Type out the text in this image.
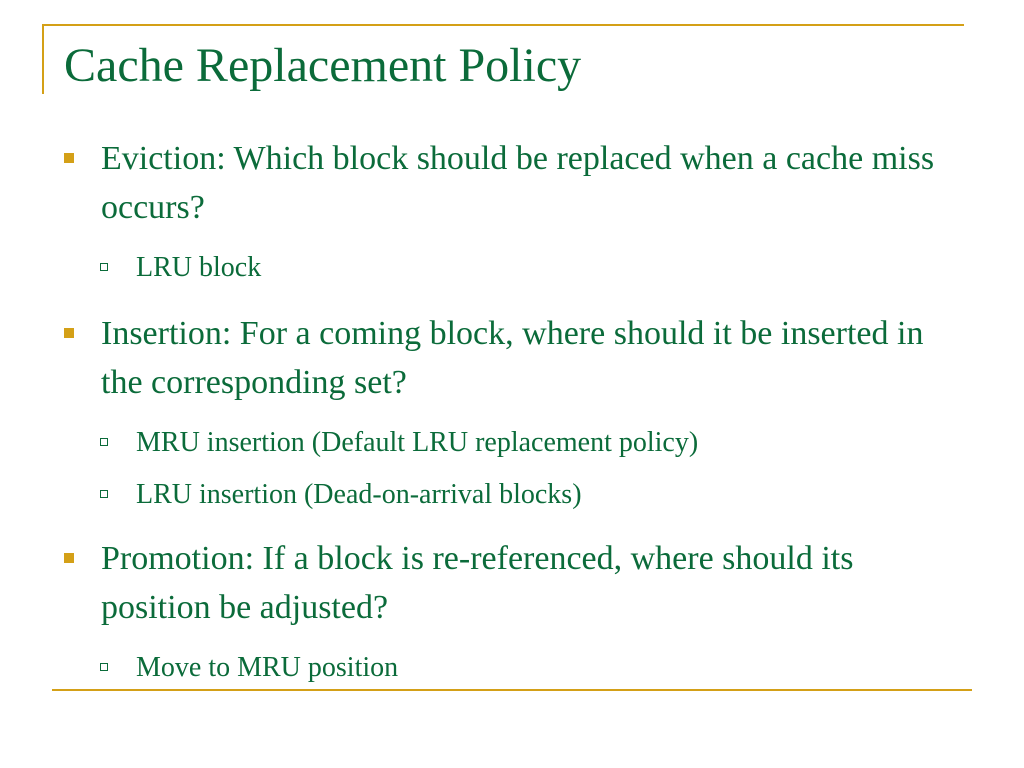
Cache Replacement Policy
Eviction: Which block should be replaced when a cache miss occurs?
LRU block
Insertion: For a coming block, where should it be inserted in the corresponding set?
MRU insertion (Default LRU replacement policy)
LRU insertion (Dead-on-arrival blocks)
Promotion: If a block is re-referenced, where should its position be adjusted?
Move to MRU position
